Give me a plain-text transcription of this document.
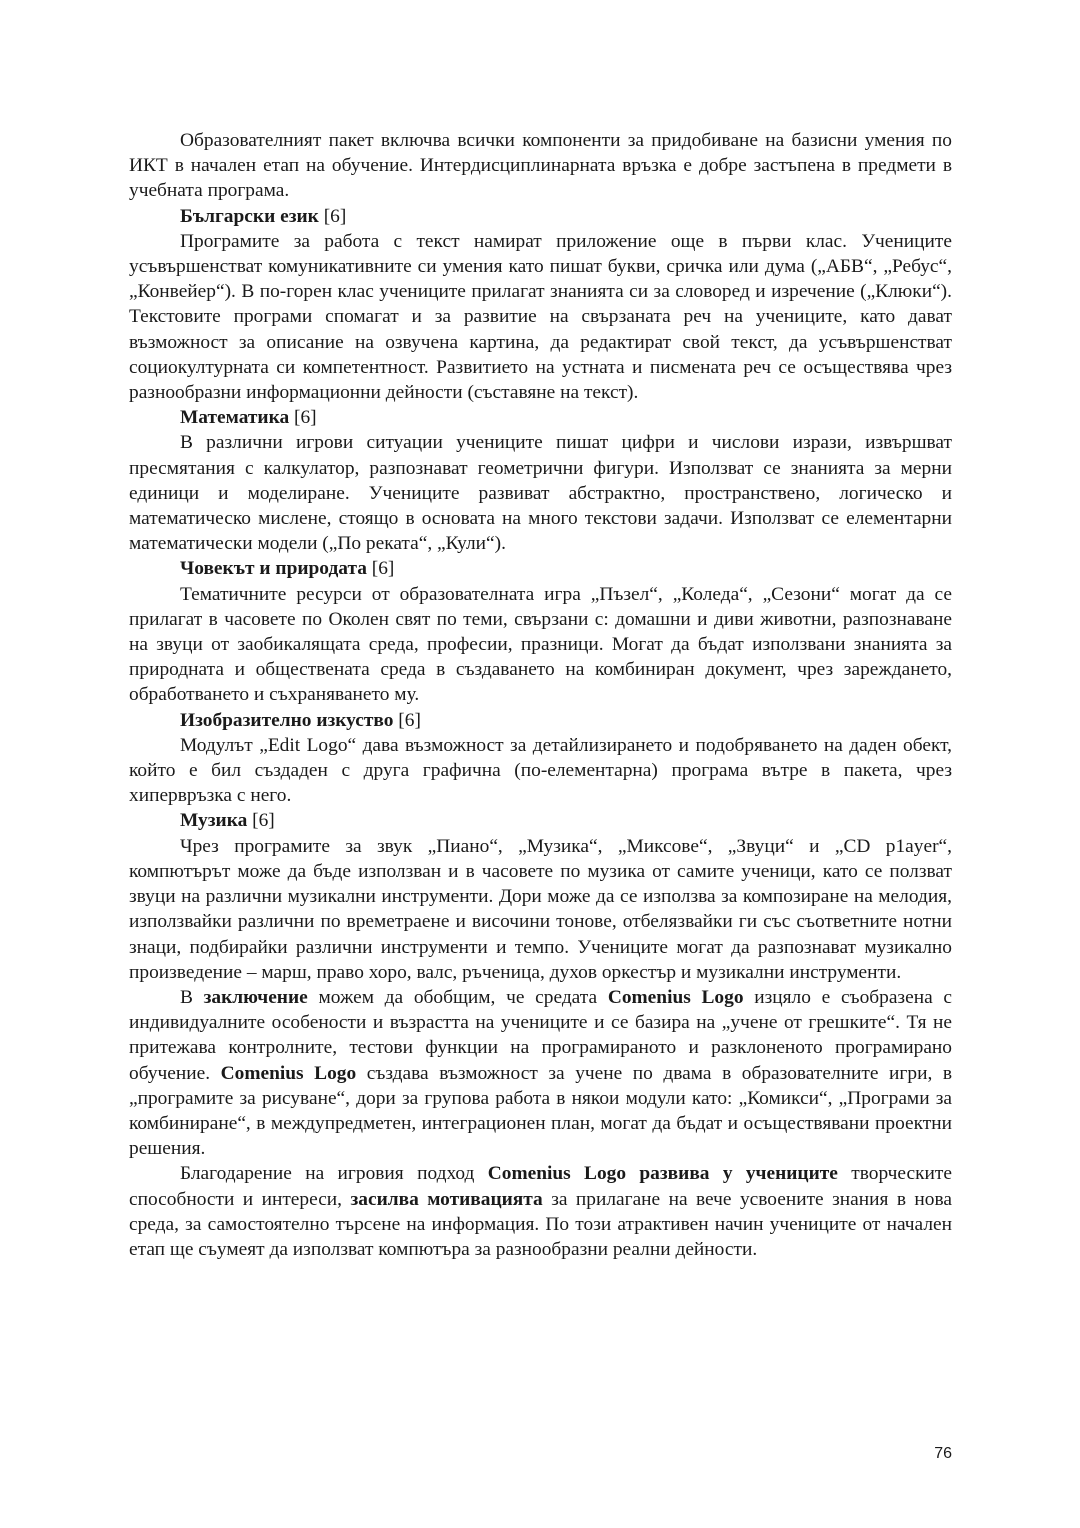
Образователният пакет включва всички компоненти за придобиване на базисни умения по ИКТ в начален етап на обучение. Интердисциплинарната връзка е добре застъпена в предмети в учебната програма.

Български език [6]

Програмите за работа с текст намират приложение още в първи клас. Учениците усъвършенстват комуникативните си умения като пишат букви, сричка или дума („АБВ“, „Ребус“, „Конвейер“). В по-горен клас учениците прилагат знанията си за словоред и изречение („Клюки“). Текстовите програми спомагат и за развитие на свързаната реч на учениците, като дават възможност за описание на озвучена картина, да редактират свой текст, да усъвършенстват социокултурната си компетентност. Развитието на устната и писмената реч се осъществява чрез разнообразни информационни дейности (съставяне на текст).

Математика [6]

В различни игрови ситуации учениците пишат цифри и числови изрази, извършват пресмятания с калкулатор, разпознават геометрични фигури. Използват се знанията за мерни единици и моделиране. Учениците развиват абстрактно, пространствено, логическо и математическо мислене, стоящо в основата на много текстови задачи. Използват се елементарни математически модели („По реката“, „Кули“).

Човекът и природата [6]

Тематичните ресурси от образователната игра „Пъзел“, „Коледа“, „Сезони“ могат да се прилагат в часовете по Околен свят по теми, свързани с: домашни и диви животни, разпознаване на звуци от заобикалящата среда, професии, празници. Могат да бъдат използвани знанията за природната и обществената среда в създаването на комбиниран документ, чрез зареждането, обработването и съхраняването му.

Изобразително изкуство [6]

Модулът „Edit Logo“ дава възможност за детайлизирането и подобряването на даден обект, който е бил създаден с друга графична (по-елементарна) програма вътре в пакета, чрез хипервръзка с него.

Музика [6]

Чрез програмите за звук „Пиано“, „Музика“, „Миксове“, „Звуци“ и „CD p1ayer“, компютърът може да бъде използван и в часовете по музика от самите ученици, като се ползват звуци на различни музикални инструменти. Дори може да се използва за композиране на мелодия, използвайки различни по времетраене и височини тонове, отбелязвайки ги със съответните нотни знаци, подбирайки различни инструменти и темпо. Учениците могат да разпознават музикално произведение – марш, право хоро, валс, ръченица, духов оркестър и музикални инструменти.

В заключение можем да обобщим, че средата Comenius Logo изцяло е съобразена с индивидуалните особености и възрастта на учениците и се базира на „учене от грешките“. Тя не притежава контролните, тестови функции на програмираното и разклоненото програмирано обучение. Comenius Logo създава възможност за учене по двама в образователните игри, в „програмите за рисуване“, дори за групова работа в някои модули като: „Комикси“, „Програми за комбиниране“, в междупредметен, интеграционен план, могат да бъдат и осъществявани проектни решения.

Благодарение на игровия подход Comenius Logo развива у учениците творческите способности и интереси, засилва мотивацията за прилагане на вече усвоените знания в нова среда, за самостоятелно търсене на информация. По този атрактивен начин учениците от начален етап ще съумеят да използват компютъра за разнообразни реални дейности.

76
